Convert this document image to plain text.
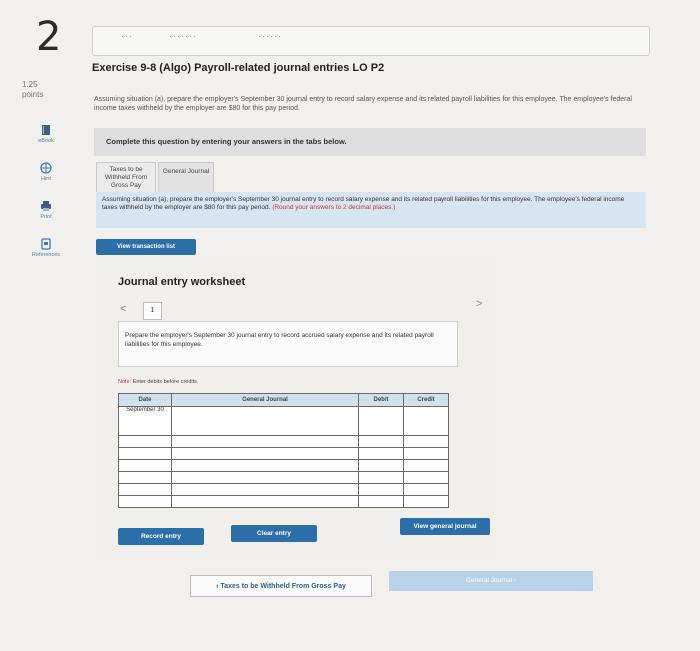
2	···	·······	······
1.25
points
Exercise 9-8 (Algo) Payroll-related journal entries LO P2
Assuming situation (a), prepare the employer's September 30 journal entry to record salary expense and its related payroll liabilities for this employee. The employee's federal income taxes withheld by the employer are $80 for this pay period.
eBook
Hint
Print
References
Complete this question by entering your answers in the tabs below.
Taxes to be Withheld From Gross Pay
General Journal
Assuming situation (a), prepare the employer's September 30 journal entry to record salary expense and its related payroll liabilities for this employee. The employee's federal income taxes withheld by the employer are $80 for this pay period. (Round your answers to 2 decimal places.)
View transaction list
Journal entry worksheet
<	1
>
Prepare the employer's September 30 journal entry to record accrued salary expense and its related payroll liabilities for this employee.
Note: Enter debits before credits.
Date	General Journal	Debit	Credit
September 30			

Record entry	Clear entry
View general journal
‹ Taxes to be Withheld From Gross Pay
General Journal ›
